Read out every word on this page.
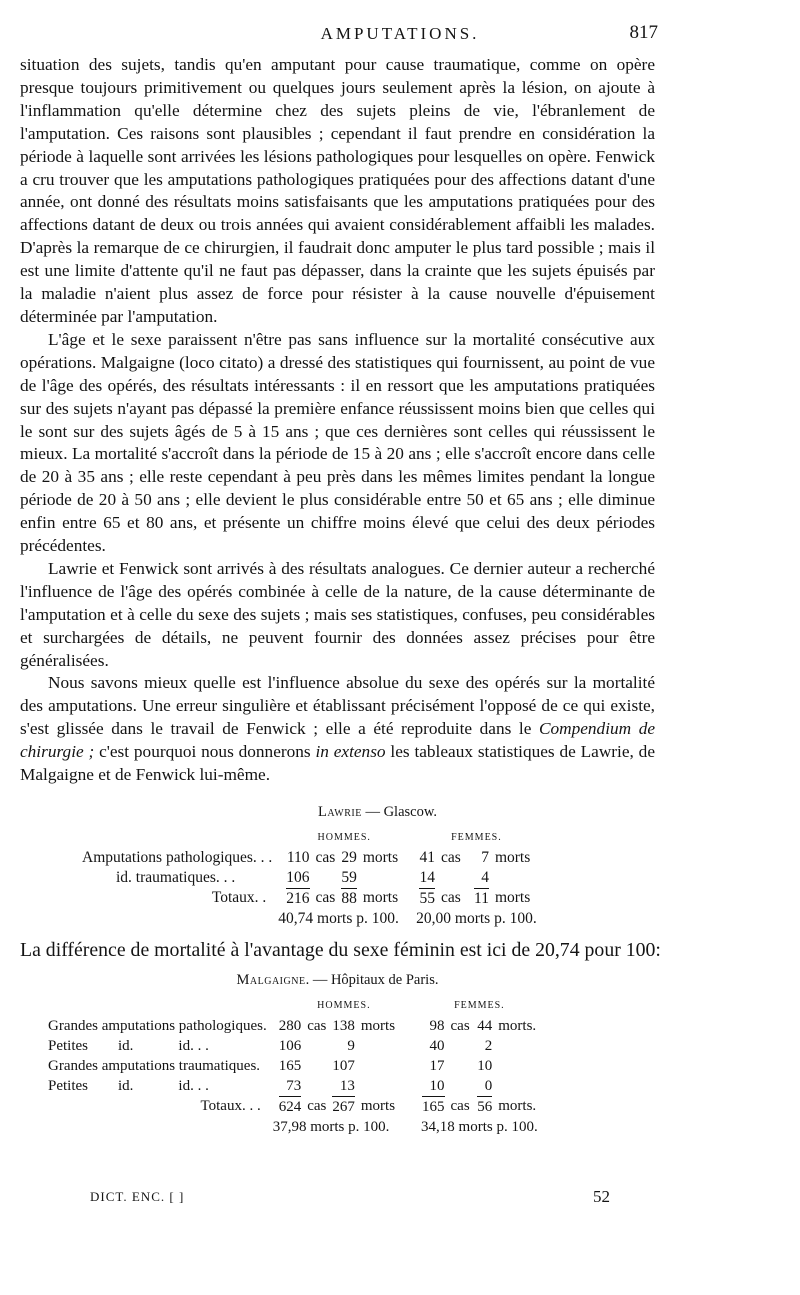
AMPUTATIONS.	817

situation des sujets, tandis qu'en amputant pour cause traumatique, comme on opère presque toujours primitivement ou quelques jours seulement après la lésion, on ajoute à l'inflammation qu'elle détermine chez des sujets pleins de vie, l'ébranlement de l'amputation. Ces raisons sont plausibles ; cependant il faut prendre en considération la période à laquelle sont arrivées les lésions pathologiques pour lesquelles on opère. Fenwick a cru trouver que les amputations pathologiques pratiquées pour des affections datant d'une année, ont donné des résultats moins satisfaisants que les amputations pratiquées pour des affections datant de deux ou trois années qui avaient considérablement affaibli les malades. D'après la remarque de ce chirurgien, il faudrait donc amputer le plus tard possible ; mais il est une limite d'attente qu'il ne faut pas dépasser, dans la crainte que les sujets épuisés par la maladie n'aient plus assez de force pour résister à la cause nouvelle d'épuisement déterminée par l'amputation.

L'âge et le sexe paraissent n'être pas sans influence sur la mortalité consécutive aux opérations. Malgaigne (loco citato) a dressé des statistiques qui fournissent, au point de vue de l'âge des opérés, des résultats intéressants : il en ressort que les amputations pratiquées sur des sujets n'ayant pas dépassé la première enfance réussissent moins bien que celles qui le sont sur des sujets âgés de 5 à 15 ans ; que ces dernières sont celles qui réussissent le mieux. La mortalité s'accroît dans la période de 15 à 20 ans ; elle s'accroît encore dans celle de 20 à 35 ans ; elle reste cependant à peu près dans les mêmes limites pendant la longue période de 20 à 50 ans ; elle devient le plus considérable entre 50 et 65 ans ; elle diminue enfin entre 65 et 80 ans, et présente un chiffre moins élevé que celui des deux périodes précédentes.

Lawrie et Fenwick sont arrivés à des résultats analogues. Ce dernier auteur a recherché l'influence de l'âge des opérés combinée à celle de la nature, de la cause déterminante de l'amputation et à celle du sexe des sujets ; mais ses statistiques, confuses, peu considérables et surchargées de détails, ne peuvent fournir des données assez précises pour être généralisées.

Nous savons mieux quelle est l'influence absolue du sexe des opérés sur la mortalité des amputations. Une erreur singulière et établissant précisément l'opposé de ce qui existe, s'est glissée dans le travail de Fenwick ; elle a été reproduite dans le Compendium de chirurgie ; c'est pourquoi nous donnerons in extenso les tableaux statistiques de Lawrie, de Malgaigne et de Fenwick lui-même.

Lawrie — Glascow.
	HOMMES.				FEMMES.			
Amputations pathologiques. . .	110	cas	29	morts	41	cas	7	morts
id. traumatiques. . .	106		59		14		4	
Totaux. .	216	cas	88	morts	55	cas	11	morts
	40,74 morts p. 100.				20,00 morts p. 100.			
La différence de mortalité à l'avantage du sexe féminin est ici de 20,74 pour 100:
Malgaigne. — Hôpitaux de Paris.
	HOMMES.				FEMMES.			
Grandes amputations pathologiques.	280	cas	138	morts	98	cas	44	morts.
Petites        id.            id. . .	106		9		40		2	
Grandes amputations traumatiques.	165		107		17		10	
Petites        id.            id. . .	73		13		10		0	
Totaux. . .	624	cas	267	morts	165	cas	56	morts.
	37,98 morts p. 100.				34,18 morts p. 100.			
DICT. ENC. [ ]	52
